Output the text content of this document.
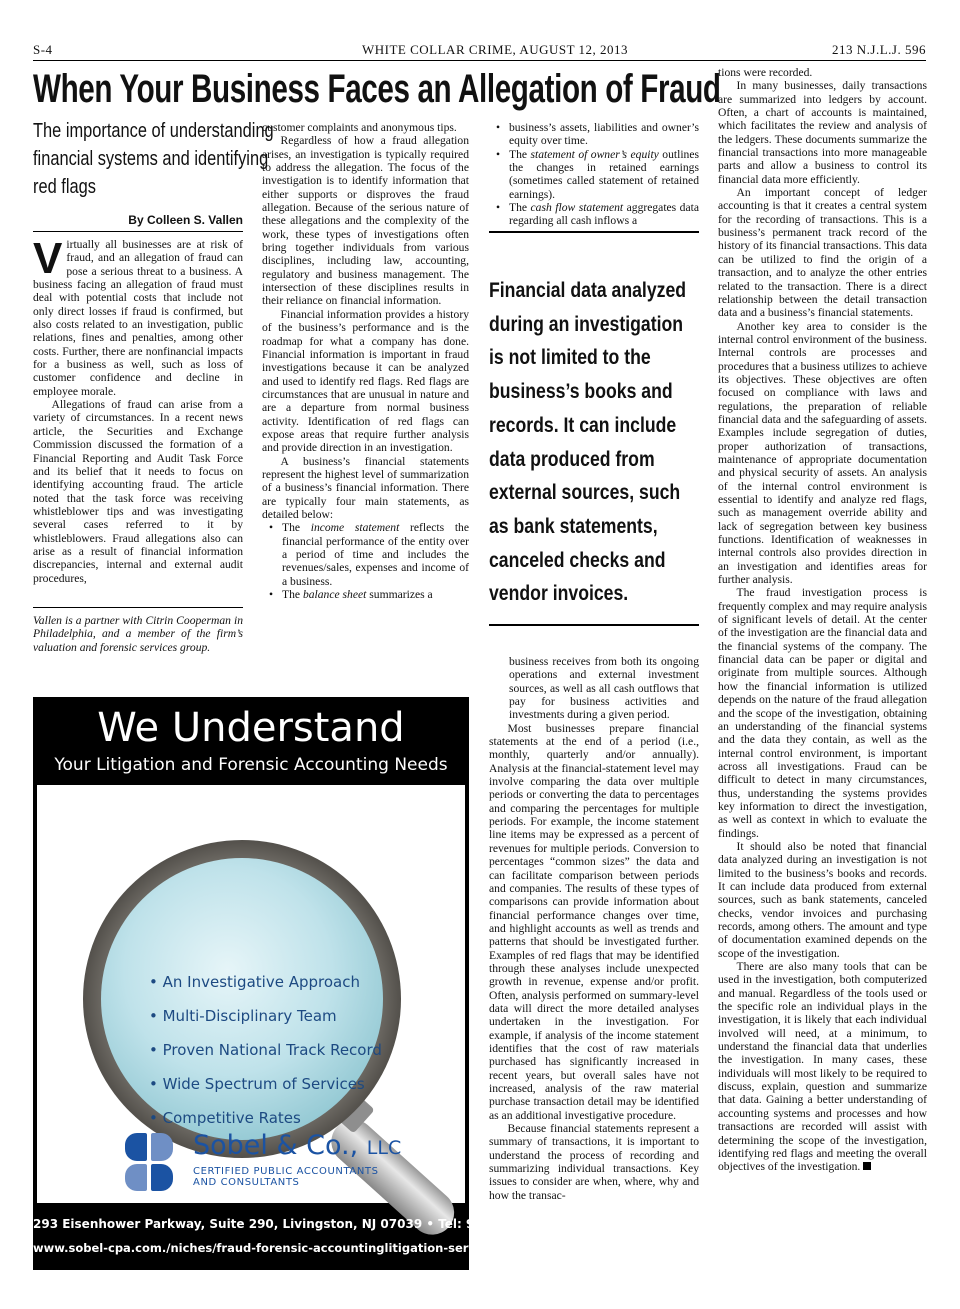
S-4	WHITE COLLAR CRIME, AUGUST 12, 2013	213 N.J.L.J. 596
When Your Business Faces an Allegation of Fraud
The importance of understanding
financial systems and identifying
red flags
By Colleen S. Vallen

Virtually all businesses are at risk of fraud, and an allegation of fraud can pose a serious threat to a business. A business facing an allegation of fraud must deal with potential costs that include not only direct losses if fraud is confirmed, but also costs related to an investigation, public relations, fines and penalties, among other costs. Further, there are nonfinancial impacts for a business as well, such as loss of customer confidence and decline in employee morale.

Allegations of fraud can arise from a variety of circumstances. In a recent news article, the Securities and Exchange Commission discussed the formation of a Financial Reporting and Audit Task Force and its belief that it needs to focus on identifying accounting fraud. The article noted that the task force was receiving whistleblower tips and was investigating several cases referred to it by whistleblowers. Fraud allegations also can arise as a result of financial information discrepancies, internal and external audit procedures,

Vallen is a partner with Citrin Cooperman in Philadelphia, and a member of the firm’s valuation and forensic services group.

customer complaints and anonymous tips.

Regardless of how a fraud allegation arises, an investigation is typically required to address the allegation. The focus of the investigation is to identify information that either supports or disproves the fraud allegation. Because of the serious nature of these allegations and the complexity of the work, these types of investigations often bring together individuals from various disciplines, including law, accounting, regulatory and business management. The intersection of these disciplines results in their reliance on financial information.

Financial information provides a history of the business’s performance and is the roadmap for what a company has done. Financial information is important in fraud investigations because it can be analyzed and used to identify red flags. Red flags are circumstances that are unusual in nature and are a departure from normal business activity. Identification of red flags can expose areas that require further analysis and provide direction in an investigation.

A business’s financial statements represent the highest level of summarization of a business’s financial information. There are typically four main statements, as detailed below:

• The income statement reflects the financial performance of the entity over a period of time and includes the revenues/sales, expenses and income of a business.
• The balance sheet summarizes a
• business’s assets, liabilities and owner’s equity over time.
• The statement of owner’s equity outlines the changes in retained earnings (sometimes called statement of retained earnings).
• The cash flow statement aggregates data regarding all cash inflows a
Financial data analyzed
during an investigation
is not limited to the
business’s books and
records. It can include
data produced from
external sources, such
as bank statements,
canceled checks and
vendor invoices.

business receives from both its ongoing operations and external investment sources, as well as all cash outflows that pay for business activities and investments during a given period.

Most businesses prepare financial statements at the end of a period (i.e., monthly, quarterly and/or annually). Analysis at the financial-statement level may involve comparing the data over multiple periods or converting the data to percentages and comparing the percentages for multiple periods. For example, the income statement line items may be expressed as a percent of revenues for multiple periods. Conversion to percentages “common sizes” the data and can facilitate comparison between periods and companies. The results of these types of comparisons can provide information about financial performance changes over time, and highlight accounts as well as trends and patterns that should be investigated further. Examples of red flags that may be identified through these analyses include unexpected growth in revenue, expense and/or profit. Often, analysis performed on summary-level data will direct the more detailed analyses undertaken in the investigation. For example, if analysis of the income statement identifies that the cost of raw materials purchased has significantly increased in recent years, but overall sales have not increased, analysis of the raw material purchase transaction detail may be identified as an additional investigative procedure.

Because financial statements represent a summary of transactions, it is important to understand the process of recording and summarizing individual transactions. Key issues to consider are when, where, why and how the transac-

tions were recorded.

In many businesses, daily transactions are summarized into ledgers by account. Often, a chart of accounts is maintained, which facilitates the review and analysis of the ledgers. These documents summarize the financial transactions into more manageable parts and allow a business to control its financial data more efficiently.

An important concept of ledger accounting is that it creates a central system for the recording of transactions. This is a business’s permanent track record of the history of its financial transactions. This data can be utilized to find the origin of a transaction, and to analyze the other entries related to the transaction. There is a direct relationship between the detail transaction data and a business’s financial statements.

Another key area to consider is the internal control environment of the business. Internal controls are processes and procedures that a business utilizes to achieve its objectives. These objectives are often focused on compliance with laws and regulations, the preparation of reliable financial data and the safeguarding of assets. Examples include segregation of duties, proper authorization of transactions, maintenance of appropriate documentation and physical security of assets. An analysis of the internal control environment is essential to identify and analyze red flags, such as management override ability and lack of segregation between key business functions. Identification of weaknesses in internal controls also provides direction in an investigation and identifies areas for further analysis.

The fraud investigation process is frequently complex and may require analysis of significant levels of detail. At the center of the investigation are the financial data and the financial systems of the company. The financial data can be paper or digital and originate from multiple sources. Although how the financial information is utilized depends on the nature of the fraud allegation and the scope of the investigation, obtaining an understanding of the financial systems and the data they contain, as well as the internal control environment, is important across all investigations. Fraud can be difficult to detect in many circumstances, thus, understanding the systems provides key information to direct the investigation, as well as context in which to evaluate the findings.

It should also be noted that financial data analyzed during an investigation is not limited to the business’s books and records. It can include data produced from external sources, such as bank statements, canceled checks, vendor invoices and purchasing records, among others. The amount and type of documentation examined depends on the scope of the investigation.

There are also many tools that can be used in the investigation, both computerized and manual. Regardless of the tools used or the specific role an individual plays in the investigation, it is likely that each individual involved will need, at a minimum, to understand the financial data that underlies the investigation. In many cases, these individuals will most likely to be required to discuss, explain, question and summarize that data. Gaining a better understanding of accounting systems and processes and how transactions are recorded will assist with determining the scope of the investigation, identifying red flags and meeting the overall objectives of the investigation.

We Understand
Your Litigation and Forensic Accounting Needs
• An Investigative Approach
• Multi-Disciplinary Team
• Proven National Track Record
• Wide Spectrum of Services
• Competitive Rates
Sobel & Co., LLC
CERTIFIED PUBLIC ACCOUNTANTS
AND CONSULTANTS
293 Eisenhower Parkway, Suite 290, Livingston, NJ 07039 • Tel: 973-994-9494
www.sobel-cpa.com./niches/fraud-forensic-accountinglitigation-services
